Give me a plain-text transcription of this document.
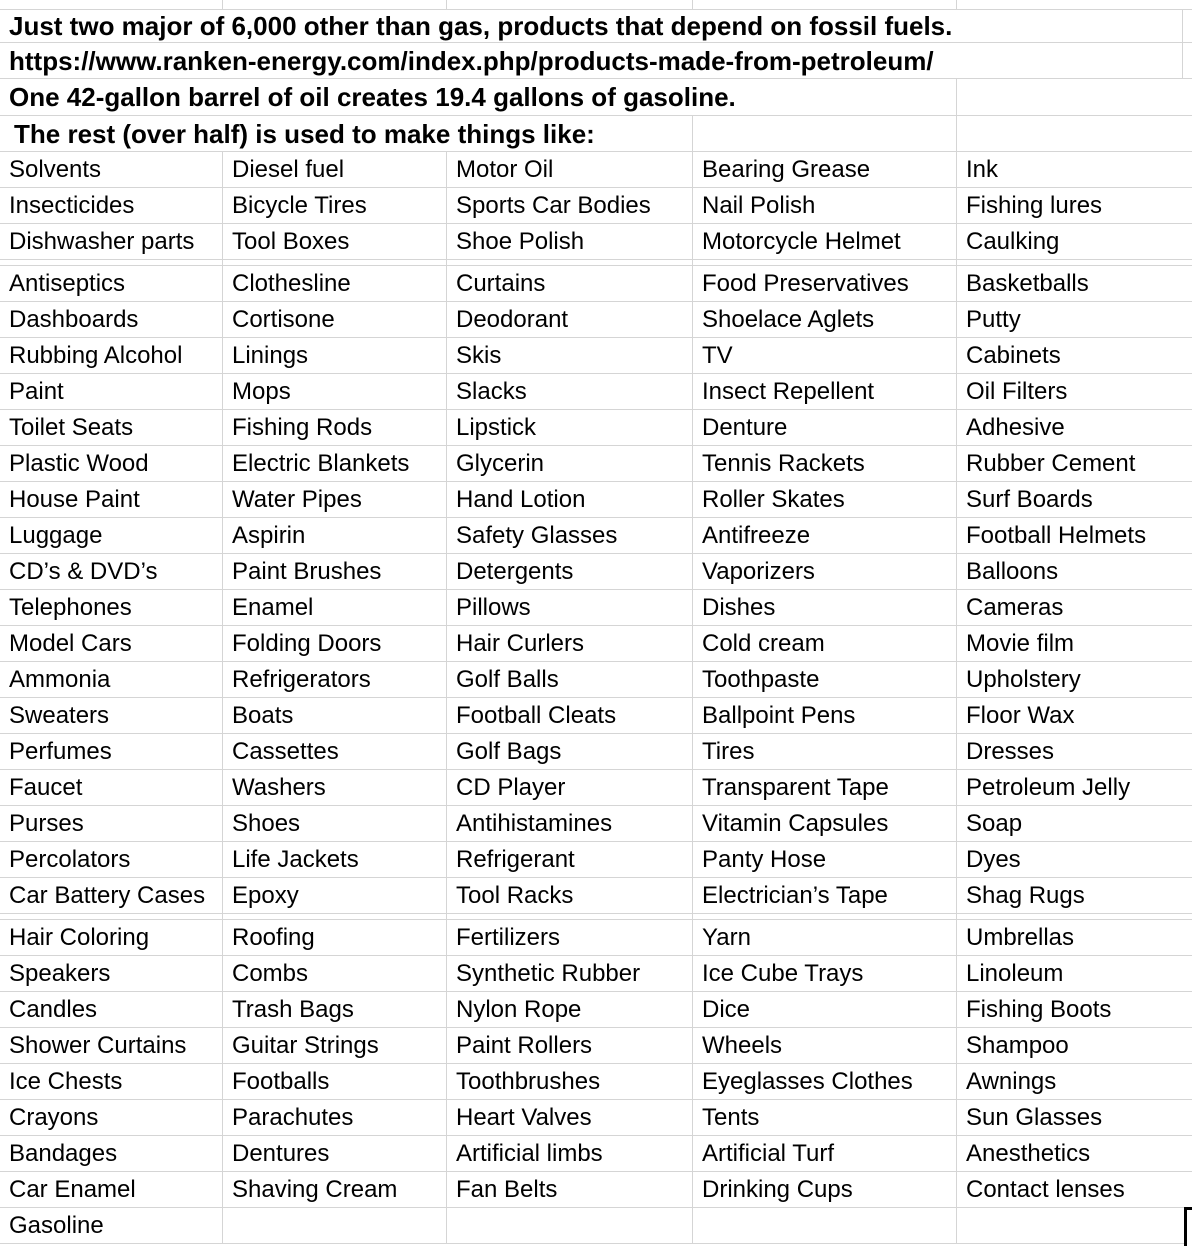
Just two major of 6,000 other than gas, products that depend on fossil fuels.
https://www.ranken-energy.com/index.php/products-made-from-petroleum/
One 42-gallon barrel of oil creates 19.4 gallons of gasoline.
The rest (over half) is used to make things like:
Solvents	Diesel fuel	Motor Oil	Bearing Grease	Ink
Insecticides	Bicycle Tires	Sports Car Bodies	Nail Polish	Fishing lures
Dishwasher parts	Tool Boxes	Shoe Polish	Motorcycle Helmet	Caulking
Antiseptics	Clothesline	Curtains	Food Preservatives	Basketballs
Dashboards	Cortisone	Deodorant	Shoelace Aglets	Putty
Rubbing Alcohol	Linings	Skis	TV	Cabinets
Paint	Mops	Slacks	Insect Repellent	Oil Filters
Toilet Seats	Fishing Rods	Lipstick	Denture	Adhesive
Plastic Wood	Electric Blankets	Glycerin	Tennis Rackets	Rubber Cement
House Paint	Water Pipes	Hand Lotion	Roller Skates	Surf Boards
Luggage	Aspirin	Safety Glasses	Antifreeze	Football Helmets
CD’s & DVD’s	Paint Brushes	Detergents	Vaporizers	Balloons
Telephones	Enamel	Pillows	Dishes	Cameras
Model Cars	Folding Doors	Hair Curlers	Cold cream	Movie film
Ammonia	Refrigerators	Golf Balls	Toothpaste	Upholstery
Sweaters	Boats	Football Cleats	Ballpoint Pens	Floor Wax
Perfumes	Cassettes	Golf Bags	Tires	Dresses
Faucet	Washers	CD Player	Transparent Tape	Petroleum Jelly
Purses	Shoes	Antihistamines	Vitamin Capsules	Soap
Percolators	Life Jackets	Refrigerant	Panty Hose	Dyes
Car Battery Cases	Epoxy	Tool Racks	Electrician’s Tape	Shag Rugs
Hair Coloring	Roofing	Fertilizers	Yarn	Umbrellas
Speakers	Combs	Synthetic Rubber	Ice Cube Trays	Linoleum
Candles	Trash Bags	Nylon Rope	Dice	Fishing Boots
Shower Curtains	Guitar Strings	Paint Rollers	Wheels	Shampoo
Ice Chests	Footballs	Toothbrushes	Eyeglasses Clothes	Awnings
Crayons	Parachutes	Heart Valves	Tents	Sun Glasses
Bandages	Dentures	Artificial limbs	Artificial Turf	Anesthetics
Car Enamel	Shaving Cream	Fan Belts	Drinking Cups	Contact lenses
Gasoline
